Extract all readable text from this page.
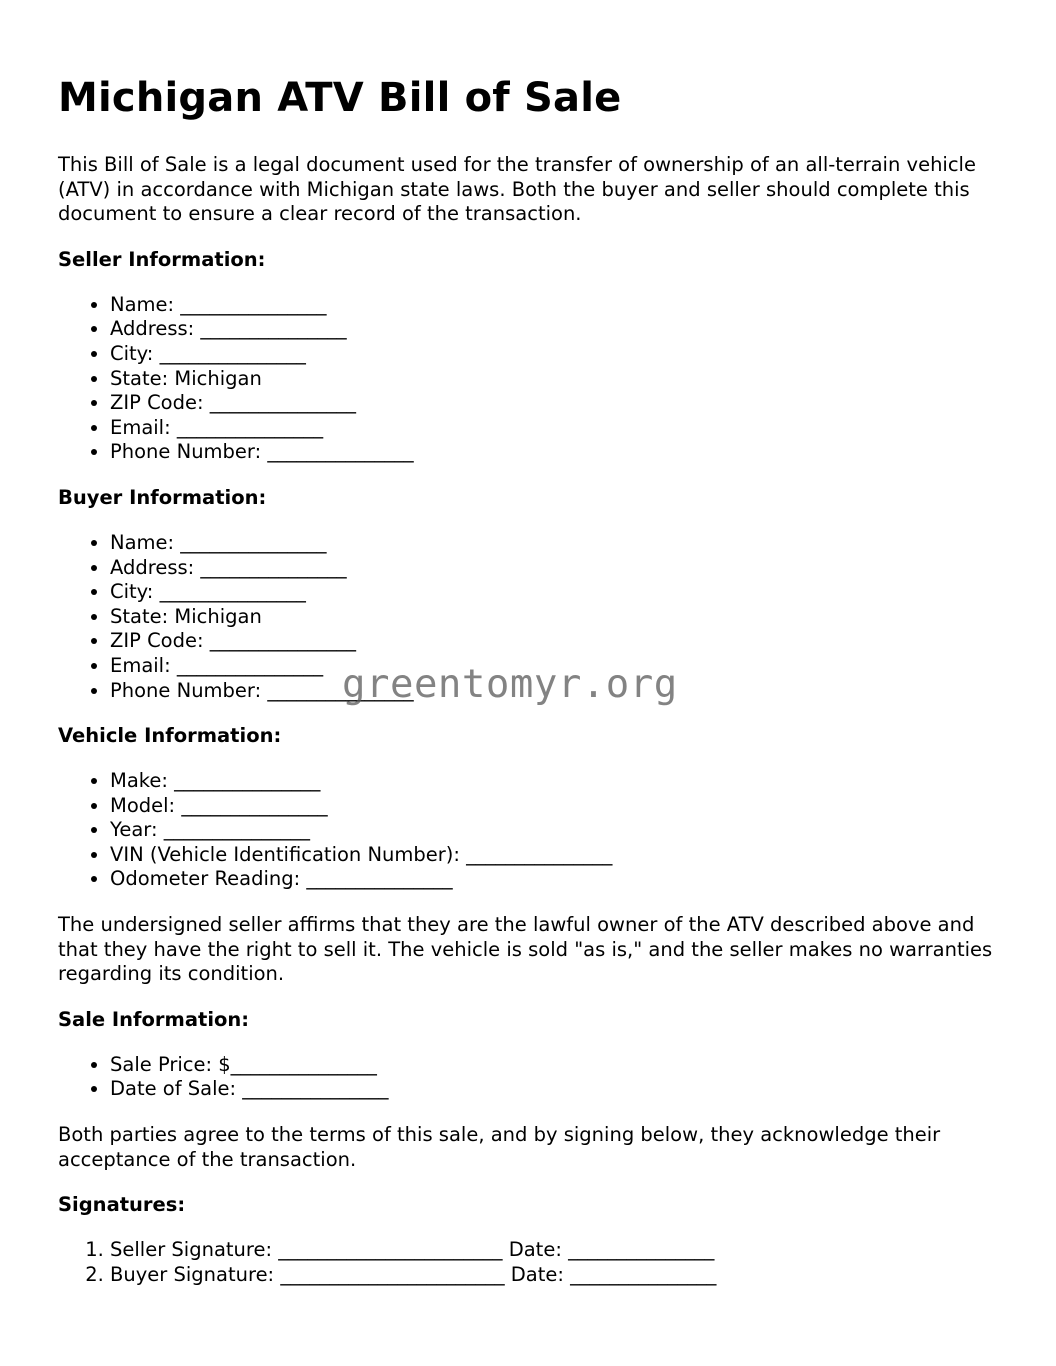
Michigan ATV Bill of Sale

This Bill of Sale is a legal document used for the transfer of ownership of an all-terrain vehicle (ATV) in accordance with Michigan state laws. Both the buyer and seller should complete this document to ensure a clear record of the transaction.

Seller Information:
• Name: _______________
• Address: _______________
• City: _______________
• State: Michigan
• ZIP Code: _______________
• Email: _______________
• Phone Number: _______________
Buyer Information:
• Name: _______________
• Address: _______________
• City: _______________
• State: Michigan
• ZIP Code: _______________
• Email: _______________
• Phone Number: _______________
Vehicle Information:
• Make: _______________
• Model: _______________
• Year: _______________
• VIN (Vehicle Identification Number): _______________
• Odometer Reading: _______________

The undersigned seller affirms that they are the lawful owner of the ATV described above and that they have the right to sell it. The vehicle is sold "as is," and the seller makes no warranties regarding its condition.

Sale Information:
• Sale Price: $_______________
• Date of Sale: _______________

Both parties agree to the terms of this sale, and by signing below, they acknowledge their acceptance of the transaction.

Signatures:
1. Seller Signature: _______________________ Date: _______________
2. Buyer Signature: _______________________ Date: _______________
greentomyr.org
